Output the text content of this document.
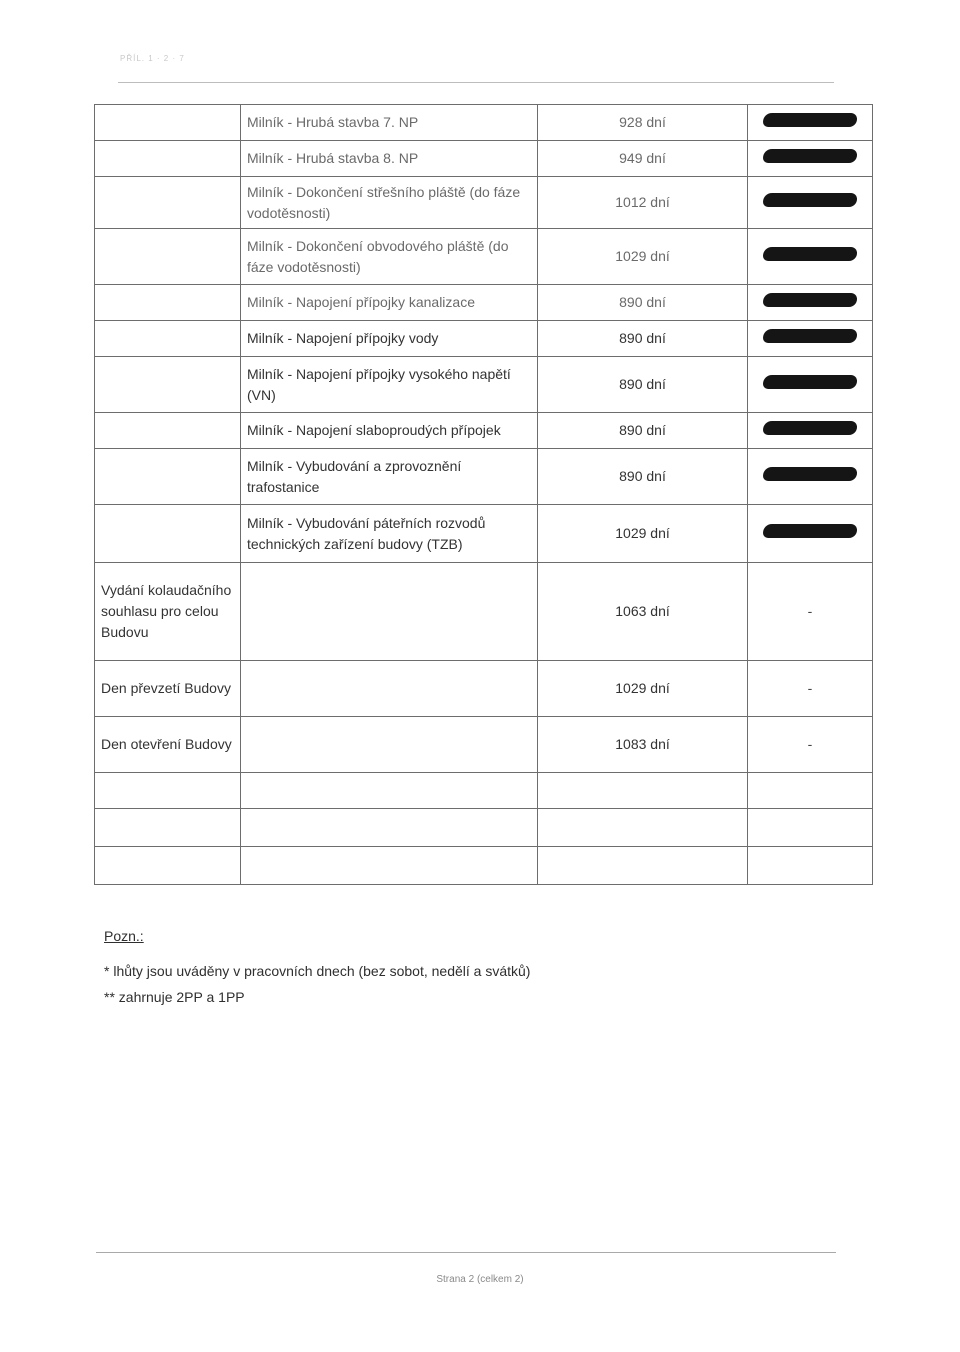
PŘÍL. 1 · 2 · 7
	Milník - Hrubá stavba 7. NP	928 dní	
	Milník - Hrubá stavba 8. NP	949 dní	
	Milník - Dokončení střešního pláště (do fáze vodotěsnosti)	1012 dní	
	Milník - Dokončení obvodového pláště (do fáze vodotěsnosti)	1029 dní	
	Milník - Napojení přípojky kanalizace	890 dní	
	Milník - Napojení přípojky vody	890 dní	
	Milník - Napojení přípojky vysokého napětí (VN)	890 dní	
	Milník - Napojení slaboproudých přípojek	890 dní	
	Milník - Vybudování a zprovoznění trafostanice	890 dní	
	Milník - Vybudování páteřních rozvodů technických zařízení budovy (TZB)	1029 dní	
Vydání kolaudačního souhlasu pro celou Budovu		1063 dní	-
Den převzetí Budovy		1029 dní	-
Den otevření Budovy		1083 dní	-

Pozn.:
* lhůty jsou uváděny v pracovních dnech (bez sobot, nedělí a svátků)
** zahrnuje 2PP a 1PP
Strana 2 (celkem 2)
